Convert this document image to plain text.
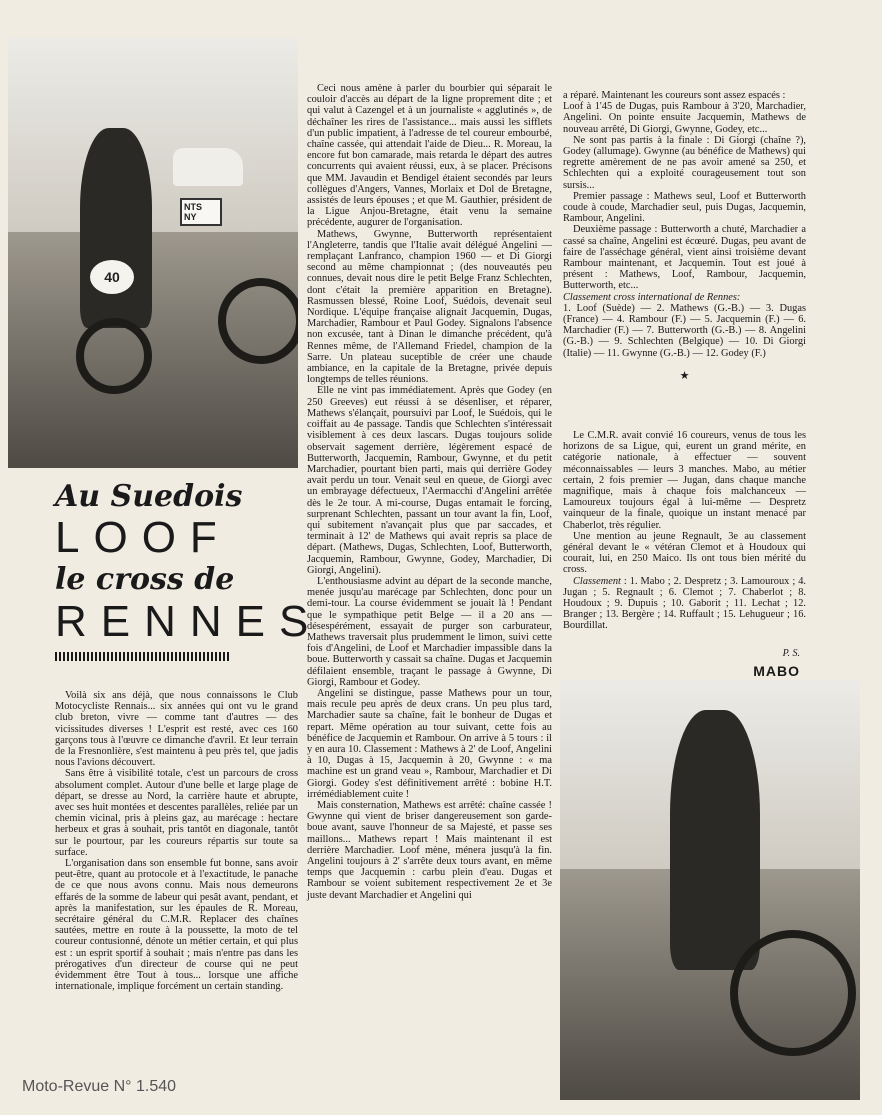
NTS
NY
40
Au Suedois
LOOF
le cross de
RENNES

Voilà six ans déjà, que nous connaissons le Club Motocycliste Rennais... six années qui ont vu le grand club breton, vivre — comme tant d'autres — des vicissitudes diverses ! L'esprit est resté, avec ces 160 garçons tous à l'œuvre ce dimanche d'avril. Et leur terrain de la Fresnonlière, s'est maintenu à peu près tel, que jadis nous l'avions découvert.

Sans être à visibilité totale, c'est un parcours de cross absolument complet. Autour d'une belle et large plage de départ, se dresse au Nord, la carrière haute et abrupte, avec ses huit montées et descentes parallèles, reliée par un chemin vicinal, pris à pleins gaz, au marécage : hectare herbeux et gras à souhait, pris tantôt en diagonale, tantôt sur le pourtour, par les coureurs répartis sur toute sa surface.

L'organisation dans son ensemble fut bonne, sans avoir peut-être, quant au protocole et à l'exactitude, le panache de ce que nous avons connu. Mais nous demeurons effarés de la somme de labeur qui pesât avant, pendant, et après la manifestation, sur les épaules de R. Moreau, secrétaire général du C.M.R. Replacer des chaînes sautées, mettre en route à la poussette, la moto de tel coureur contusionné, dénote un métier certain, et qui plus est : un esprit sportif à souhait ; mais n'entre pas dans les prérogatives d'un directeur de course qui ne peut évidemment être Tout à tous... lorsque une affiche internationale, implique forcément un certain standing.

Ceci nous amène à parler du bourbier qui séparait le couloir d'accès au départ de la ligne proprement dite ; et qui valut à Cazengel et à un journaliste « agglutinés », de déchaîner les rires de l'assistance... mais aussi les sifflets d'un public impatient, à l'adresse de tel coureur embourbé, chaîne cassée, qui attendait l'aide de Dieu... R. Moreau, la encore fut bon camarade, mais retarda le départ des autres concurrents qui avaient réussi, eux, à se placer. Précisons que MM. Javaudin et Bendigel étaient secondés par leurs collègues d'Angers, Vannes, Morlaix et Dol de Bretagne, assistés de leurs épouses ; et que M. Gauthier, président de la Ligue Anjou-Bretagne, était venu la semaine précédente, augurer de l'organisation.

Mathews, Gwynne, Butterworth représentaient l'Angleterre, tandis que l'Italie avait délégué Angelini — remplaçant Lanfranco, champion 1960 — et Di Giorgi second au même championnat ; (des nouveautés peu connues, devait nous dire le petit Belge Franz Schlechten, dont c'était la première apparition en Bretagne). Rasmussen blessé, Roine Loof, Suédois, devenait seul Nordique. L'équipe française alignait Jacquemin, Dugas, Marchadier, Rambour et Paul Godey. Signalons l'absence non excusée, tant à Dinan le dimanche précédent, qu'à Rennes même, de l'Allemand Friedel, champion de la Sarre. Un plateau suceptible de créer une chaude ambiance, en la capitale de la Bretagne, privée depuis longtemps de telles réunions.

Elle ne vint pas immédiatement. Après que Godey (en 250 Greeves) eut réussi à se désenliser, et réparer, Mathews s'élançait, poursuivi par Loof, le Suédois, qui le coiffait au 4e passage. Tandis que Schlechten s'intéressait visiblement à ces deux lascars. Dugas toujours solide observait sagement derrière, légèrement espacé de Butterworth, Jacquemin, Rambour, Gwynne, et du petit Marchadier, pourtant bien parti, mais qui derrière Godey avait perdu un tour. Venait seul en queue, de Giorgi avec un embrayage défectueux, l'Aermacchi d'Angelini arrêtée dès le 2e tour. A mi-course, Dugas entamait le forcing, surprenant Schlechten, passant un tour avant la fin, Loof, qui subitement n'avançait plus que par saccades, et terminait à 12' de Mathews qui avait repris sa place de départ. (Mathews, Dugas, Schlechten, Loof, Butterworth, Jacquemin, Rambour, Gwynne, Godey, Marchadier, Di Giorgi, Angelini).

L'enthousiasme advint au départ de la seconde manche, menée jusqu'au marécage par Schlechten, donc pour un demi-tour. La course évidemment se jouait là ! Pendant que le sympathique petit Belge — il a 20 ans — désespérément, essayait de purger son carburateur, Mathews traversait plus prudemment le limon, suivi cette fois d'Angelini, de Loof et Marchadier impassible dans la boue. Butterworth y cassait sa chaîne. Dugas et Jacquemin défilaient ensemble, traçant le passage à Gwynne, Di Giorgi, Rambour et Godey.

Angelini se distingue, passe Mathews pour un tour, mais recule peu après de deux crans. Un peu plus tard, Marchadier saute sa chaîne, fait le bonheur de Dugas et repart. Même opération au tour suivant, cette fois au bénéfice de Jacquemin et Rambour. On arrive à 5 tours : il y en aura 10. Classement : Mathews à 2' de Loof, Angelini à 10, Dugas à 15, Jacquemin à 20, Gwynne : « ma machine est un grand veau », Rambour, Marchadier et Di Giorgi. Godey s'est définitivement arrêté : bobine H.T. irrémédiablement cuite !

Mais consternation, Mathews est arrêté: chaîne cassée ! Gwynne qui vient de briser dangereusement son garde-boue avant, sauve l'honneur de sa Majesté, et passe ses maillons... Mathews repart ! Mais maintenant il est derrière Marchadier. Loof mène, ménera jusqu'à la fin. Angelini toujours à 2' s'arrête deux tours avant, en même temps que Jacquemin : carbu plein d'eau. Dugas et Rambour se voient subitement respectivement 2e et 3e juste devant Marchadier et Angelini qui

a réparé. Maintenant les coureurs sont assez espacés :

Loof à 1'45 de Dugas, puis Rambour à 3'20, Marchadier, Angelini. On pointe ensuite Jacquemin, Mathews de nouveau arrêté, Di Giorgi, Gwynne, Godey, etc...

Ne sont pas partis à la finale : Di Giorgi (chaîne ?), Godey (allumage). Gwynne (au bénéfice de Mathews) qui regrette amèrement de ne pas avoir amené sa 250, et Schlechten qui a exploité courageusement tout son sursis...

Premier passage : Mathews seul, Loof et Butterworth coude à coude, Marchadier seul, puis Dugas, Jacquemin, Rambour, Angelini.

Deuxième passage : Butterworth a chuté, Marchadier a cassé sa chaîne, Angelini est écœuré. Dugas, peu avant de faire de l'asséchage général, vient ainsi troisième devant Rambour maintenant, et Jacquemin. Tout est joué à présent : Mathews, Loof, Rambour, Jacquemin, Butterworth, etc...

Classement cross international de Rennes:

1. Loof (Suède) — 2. Mathews (G.-B.) — 3. Dugas (France) — 4. Rambour (F.) — 5. Jacquemin (F.) — 6. Marchadier (F.) — 7. Butterworth (G.-B.) — 8. Angelini (G.-B.) — 9. Schlechten (Belgique) — 10. Di Giorgi (Italie) — 11. Gwynne (G.-B.) — 12. Godey (F.)

★

Le C.M.R. avait convié 16 coureurs, venus de tous les horizons de sa Ligue, qui, eurent un grand mérite, en catégorie nationale, à effectuer — souvent méconnaissables — leurs 3 manches. Mabo, au métier certain, 2 fois premier — Jugan, dans chaque manche magnifique, mais à chaque fois malchanceux — Lamoureux toujours égal à lui-même — Despretz vainqueur de la finale, quoique un instant menacé par Chaberlot, très régulier.

Une mention au jeune Regnault, 3e au classement général devant le « vétéran Clemot et à Houdoux qui courait, lui, en 250 Maico. Ils ont tous bien mérité du cross.

Classement : 1. Mabo ; 2. Despretz ; 3. Lamouroux ; 4. Jugan ; 5. Regnault ; 6. Clemot ; 7. Chaberlot ; 8. Houdoux ; 9. Dupuis ; 10. Gaborit ; 11. Lechat ; 12. Branger ; 13. Bergère ; 14. Ruffault ; 15. Lehugueur ; 16. Bourdillat.

P. S.
MABO
Moto-Revue N° 1.540
